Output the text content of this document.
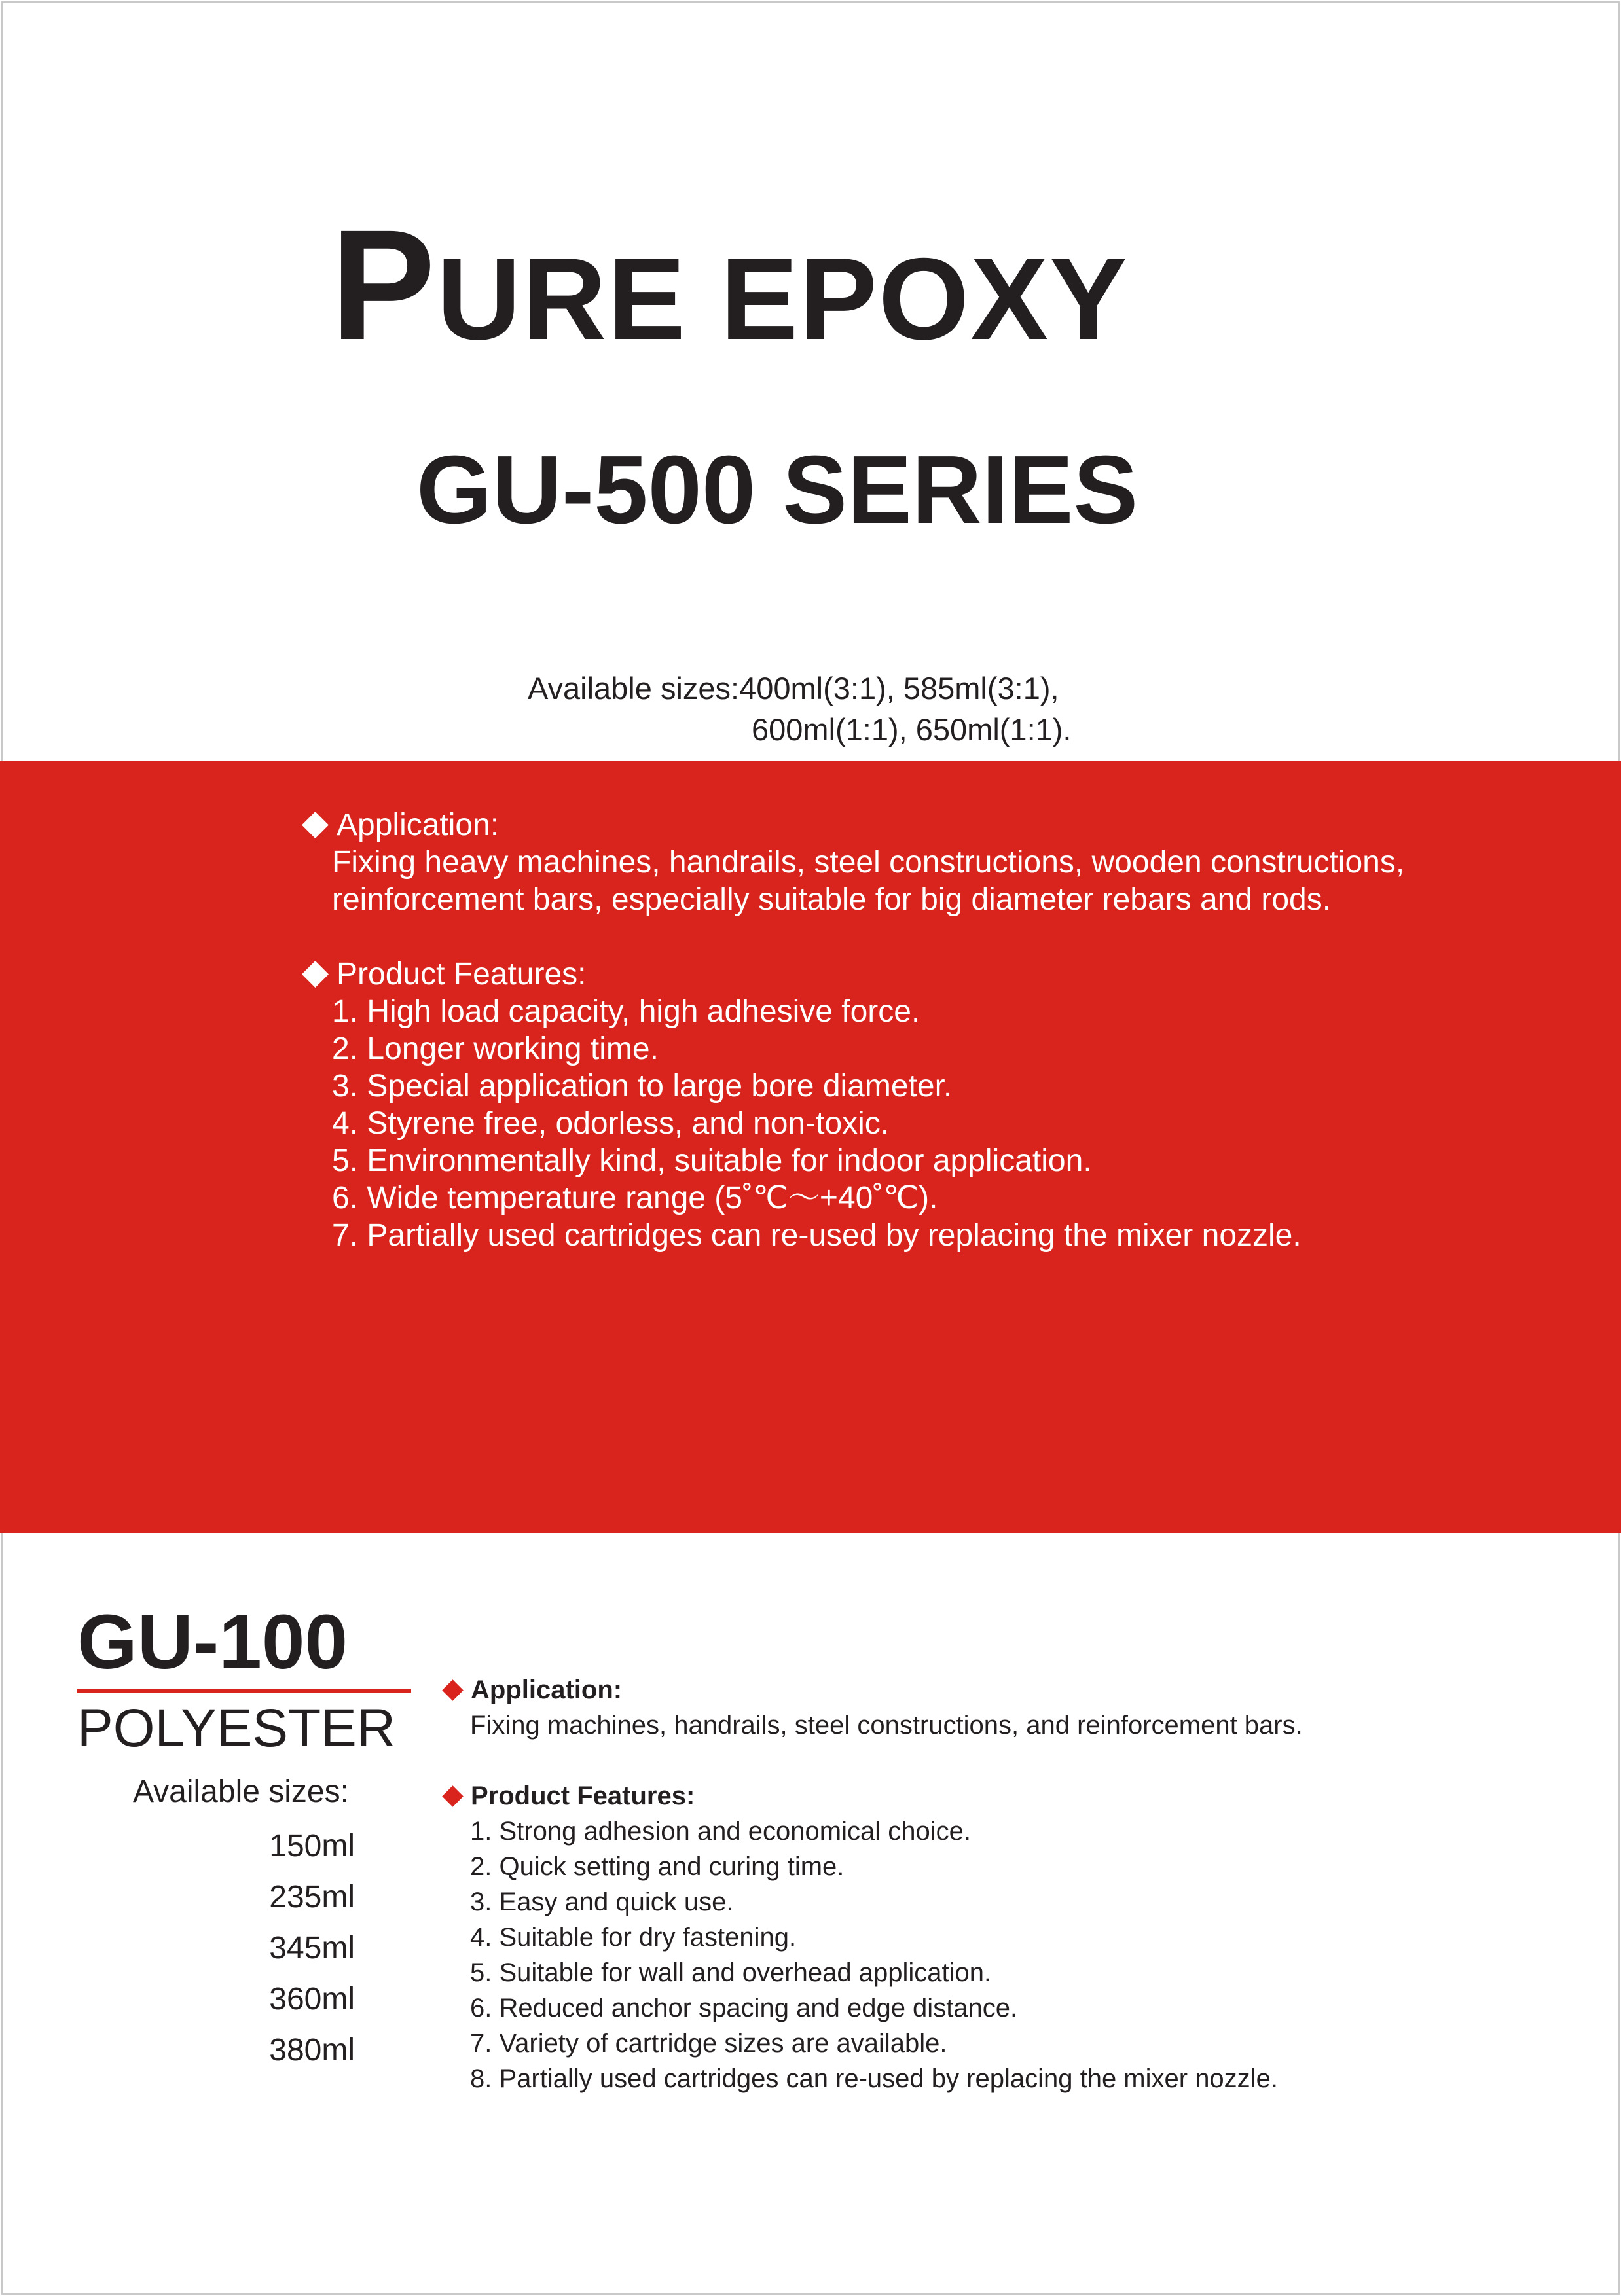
PURE EPOXY
GU-500 SERIES
Available sizes:400ml(3:1), 585ml(3:1),
600ml(1:1), 650ml(1:1).
Application:
Fixing heavy machines, handrails, steel constructions, wooden constructions,
reinforcement bars, especially suitable for big diameter rebars and rods.
Product Features:
1. High load capacity, high adhesive force.
2. Longer working time.
3. Special application to large bore diameter.
4. Styrene free, odorless, and non-toxic.
5. Environmentally kind, suitable for indoor application.
6. Wide temperature range (5˚℃～+40˚℃).
7. Partially used cartridges can re-used by replacing the mixer nozzle.
GU-100
POLYESTER
Available sizes:
150ml
235ml
345ml
360ml
380ml
Application:
Fixing machines, handrails, steel constructions, and reinforcement bars.
Product Features:
1. Strong adhesion and economical choice.
2. Quick setting and curing time.
3. Easy and quick use.
4. Suitable for dry fastening.
5. Suitable for wall and overhead application.
6. Reduced anchor spacing and edge distance.
7. Variety of cartridge sizes are available.
8. Partially used cartridges can re-used by replacing the mixer nozzle.
